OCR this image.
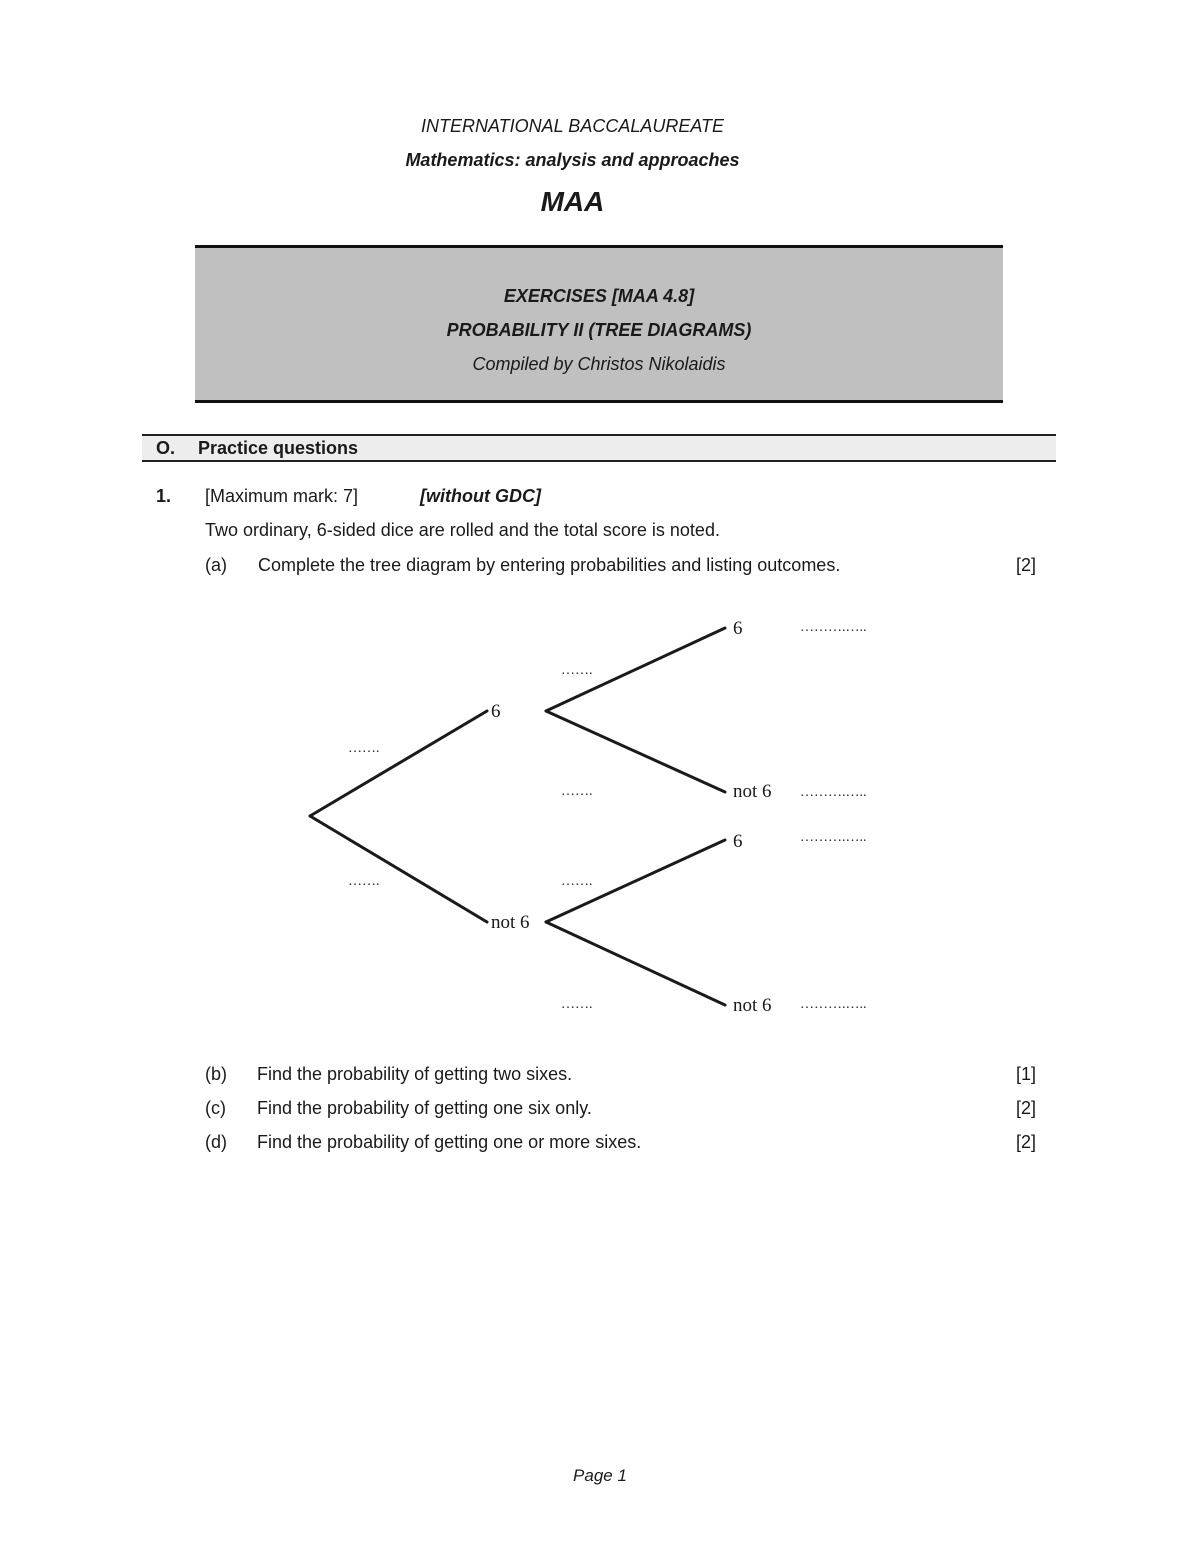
INTERNATIONAL BACCALAUREATE
Mathematics: analysis and approaches
MAA
EXERCISES [MAA 4.8]
PROBABILITY II (TREE DIAGRAMS)
Compiled by Christos Nikolaidis
O. Practice questions
1. [Maximum mark: 7]	[without GDC]
Two ordinary, 6-sided dice are rolled and the total score is noted.
(a) Complete the tree diagram by entering probabilities and listing outcomes.	[2]
6
not 6
6
not 6
6
not 6
…….
…….
…….
…….
…….
…….
……….…..
……….…..
……….…..
……….…..
(b) Find the probability of getting two sixes.	[1]
(c) Find the probability of getting one six only.	[2]
(d) Find the probability of getting one or more sixes.	[2]
Page 1
